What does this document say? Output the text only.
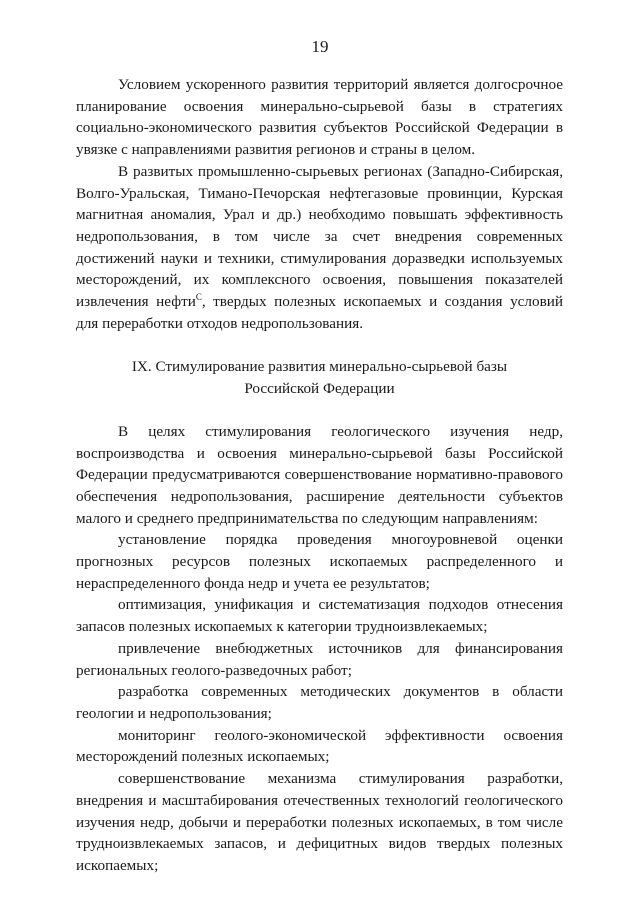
19

Условием ускоренного развития территорий является долгосрочное планирование освоения минерально-сырьевой базы в стратегиях социально-экономического развития субъектов Российской Федерации в увязке с направлениями развития регионов и страны в целом.

В развитых промышленно-сырьевых регионах (Западно-Сибирская, Волго-Уральская, Тимано-Печорская нефтегазовые провинции, Курская магнитная аномалия, Урал и др.) необходимо повышать эффективность недропользования, в том числе за счет внедрения современных достижений науки и техники, стимулирования доразведки используемых месторождений, их комплексного освоения, повышения показателей извлечения нефти$^С$, твердых полезных ископаемых и создания условий для переработки отходов недропользования.

IX. Стимулирование развития минерально-сырьевой базы
Российской Федерации

В целях стимулирования геологического изучения недр, воспроизводства и освоения минерально-сырьевой базы Российской Федерации предусматриваются совершенствование нормативно-правового обеспечения недропользования, расширение деятельности субъектов малого и среднего предпринимательства по следующим направлениям:

установление порядка проведения многоуровневой оценки прогнозных ресурсов полезных ископаемых распределенного и нераспределенного фонда недр и учета ее результатов;

оптимизация, унификация и систематизация подходов отнесения запасов полезных ископаемых к категории трудноизвлекаемых;

привлечение внебюджетных источников для финансирования региональных геолого-разведочных работ;

разработка современных методических документов в области геологии и недропользования;

мониторинг геолого-экономической эффективности освоения месторождений полезных ископаемых;

совершенствование механизма стимулирования разработки, внедрения и масштабирования отечественных технологий геологического изучения недр, добычи и переработки полезных ископаемых, в том числе трудноизвлекаемых запасов, и дефицитных видов твердых полезных ископаемых;
